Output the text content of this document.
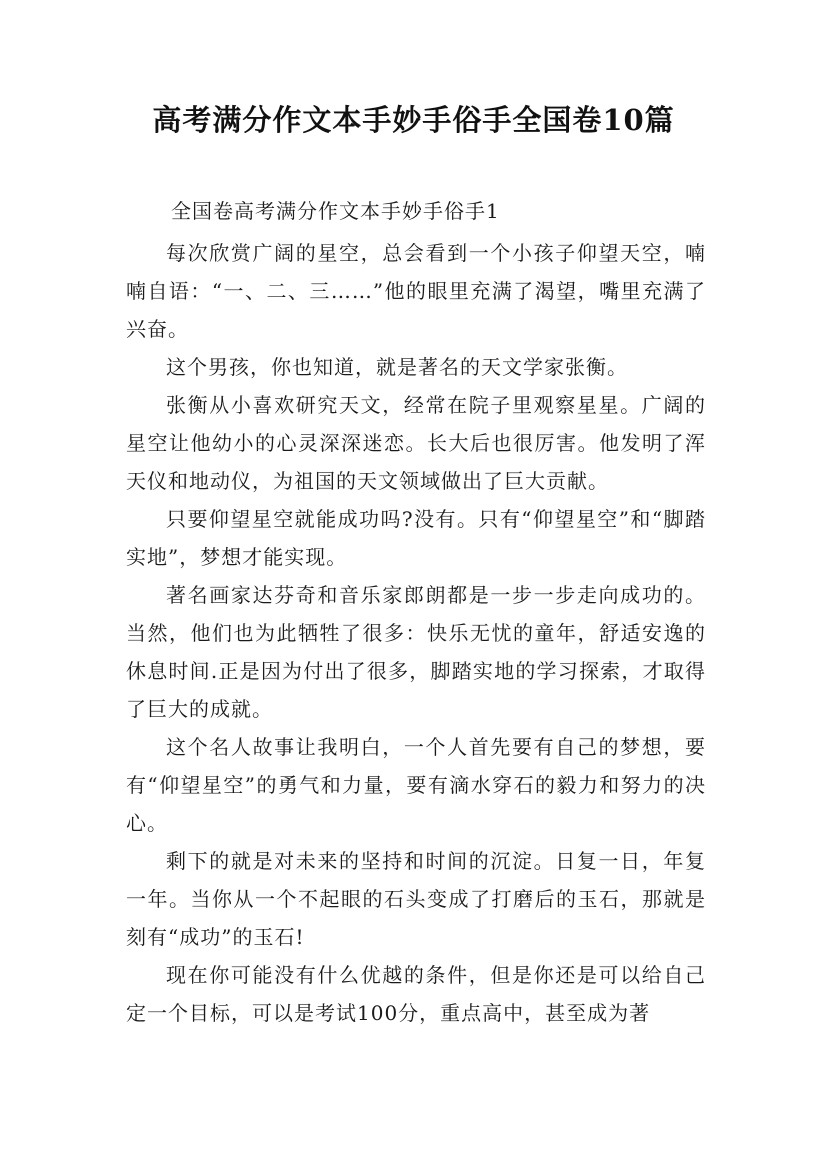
高考满分作文本手妙手俗手全国卷10篇
全国卷高考满分作文本手妙手俗手1

每次欣赏广阔的星空，总会看到一个小孩子仰望天空，喃喃自语：“一、二、三……”他的眼里充满了渴望，嘴里充满了兴奋。

这个男孩，你也知道，就是著名的天文学家张衡。

张衡从小喜欢研究天文，经常在院子里观察星星。广阔的星空让他幼小的心灵深深迷恋。长大后也很厉害。他发明了浑天仪和地动仪，为祖国的天文领域做出了巨大贡献。

只要仰望星空就能成功吗?没有。只有“仰望星空”和“脚踏实地”，梦想才能实现。

著名画家达芬奇和音乐家郎朗都是一步一步走向成功的。当然，他们也为此牺牲了很多：快乐无忧的童年，舒适安逸的休息时间.正是因为付出了很多，脚踏实地的学习探索，才取得了巨大的成就。

这个名人故事让我明白，一个人首先要有自己的梦想，要有“仰望星空”的勇气和力量，要有滴水穿石的毅力和努力的决心。

剩下的就是对未来的坚持和时间的沉淀。日复一日，年复一年。当你从一个不起眼的石头变成了打磨后的玉石，那就是刻有“成功”的玉石!

现在你可能没有什么优越的条件，但是你还是可以给自己定一个目标，可以是考试100分，重点高中，甚至成为著
